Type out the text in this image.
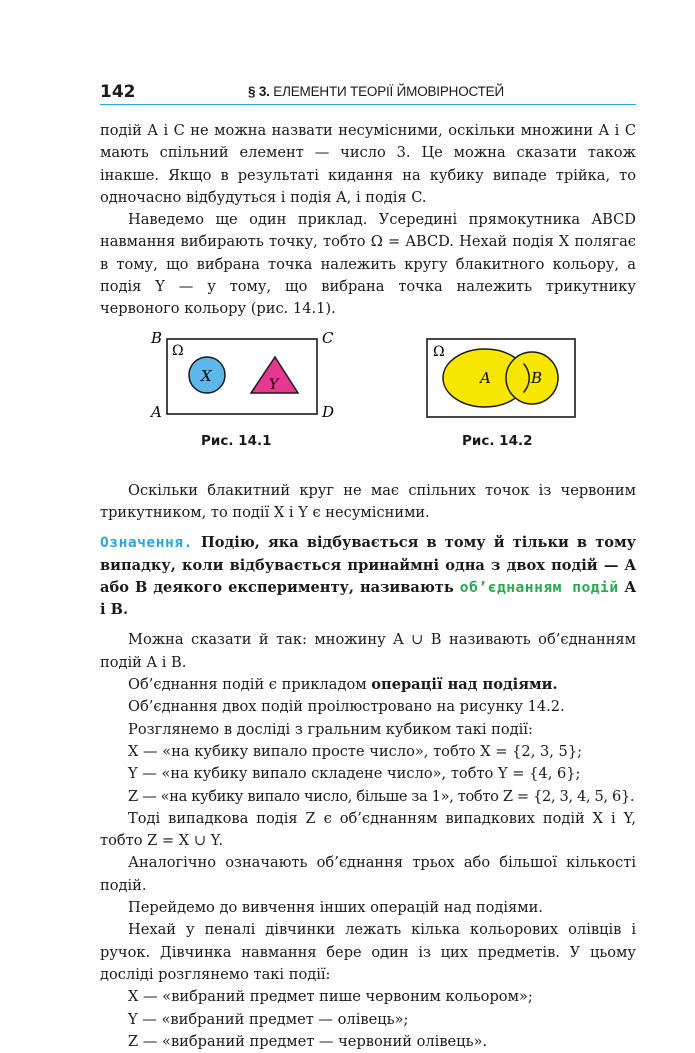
142	§ 3. ЕЛЕМЕНТИ ТЕОРІЇ ЙМОВІРНОСТЕЙ

подій A і C не можна назвати несумісними, оскільки множини A і C мають спільний елемент — число 3. Це можна сказати також інакше. Якщо в результаті кидання на кубику випаде трійка, то одночасно відбудуться і подія A, і подія C.

Наведемо ще один приклад. Усередині прямокутника ABCD навмання вибирають точку, тобто Ω = ABCD. Нехай подія X полягає в тому, що вибрана точка належить кругу блакитного кольору, а подія Y — у тому, що вибрана точка належить трикутнику червоного кольору (рис. 14.1).

B	C
A	D
Ω
X	Y
Рис. 14.1
Ω
A	B
Рис. 14.2

Оскільки блакитний круг не має спільних точок із червоним трикутником, то події X і Y є несумісними.

Означення. Подію, яка відбувається в тому й тільки в тому випадку, коли відбувається принаймні одна з двох подій — A або B деякого експерименту, називають об’єднанням подій A і B.

Можна сказати й так: множину A ∪ B називають об’єднанням подій A і B.

Об’єднання подій є прикладом операції над подіями.

Об’єднання двох подій проілюстровано на рисунку 14.2.

Розглянемо в досліді з гральним кубиком такі події:

X — «на кубику випало просте число», тобто X = {2, 3, 5};

Y — «на кубику випало складене число», тобто Y = {4, 6};

Z — «на кубику випало число, більше за 1», тобто Z = {2, 3, 4, 5, 6}.

Тоді випадкова подія Z є об’єднанням випадкових подій X і Y, тобто Z = X ∪ Y.

Аналогічно означають об’єднання трьох або більшої кількості подій.

Перейдемо до вивчення інших операцій над подіями.

Нехай у пеналі дівчинки лежать кілька кольорових олівців і ручок. Дівчинка навмання бере один із цих предметів. У цьому досліді розглянемо такі події:

X — «вибраний предмет пише червоним кольором»;

Y — «вибраний предмет — олівець»;

Z — «вибраний предмет — червоний олівець».
